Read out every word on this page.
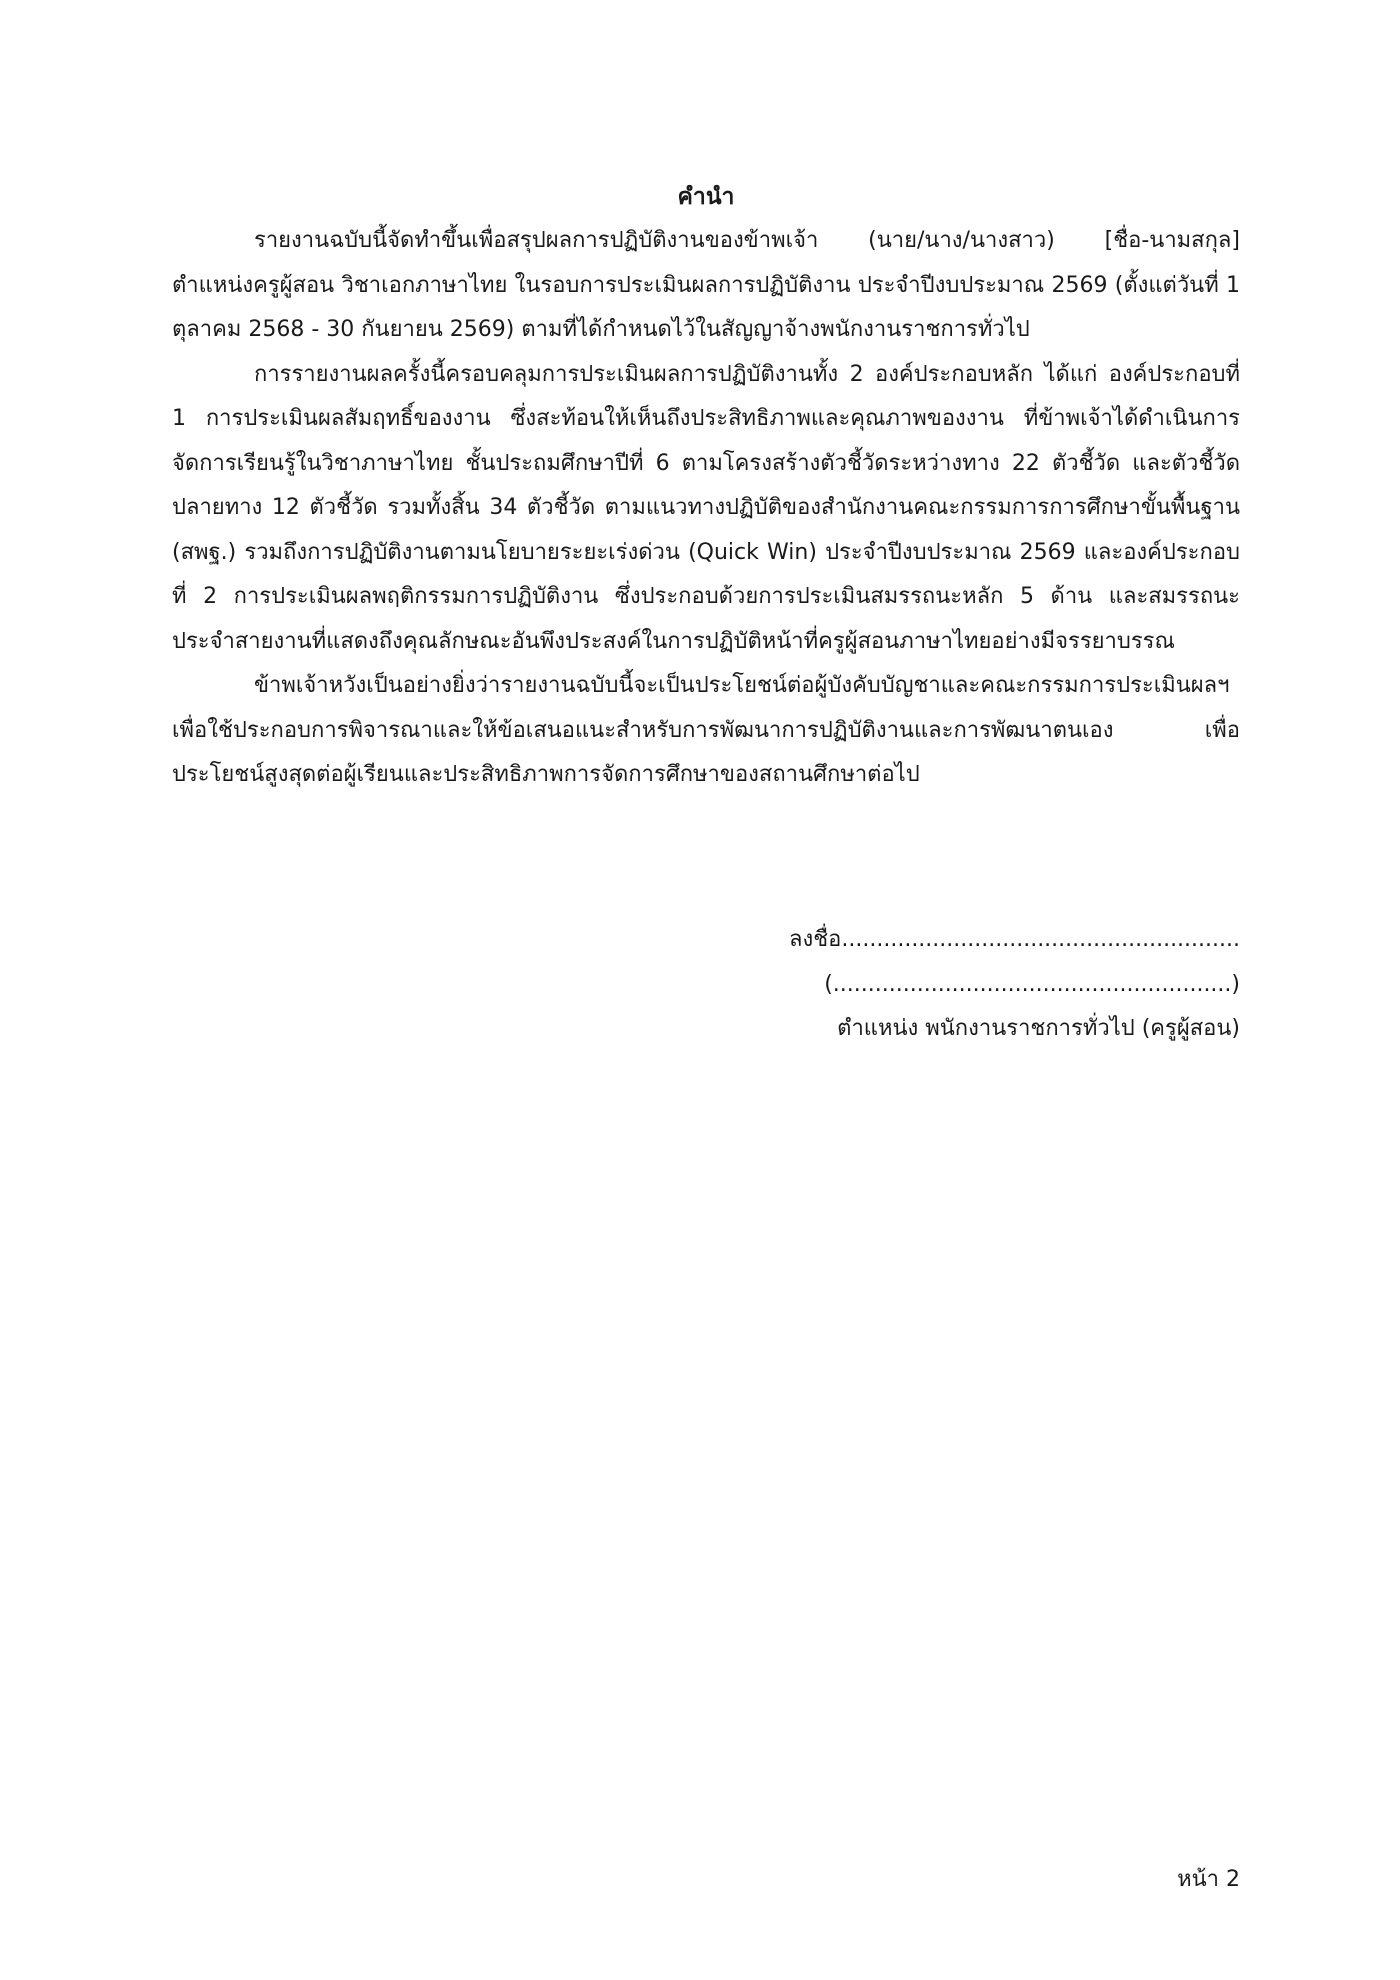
คำนำ

รายงานฉบับนี้จัดทำขึ้นเพื่อสรุปผลการปฏิบัติงานของข้าพเจ้า (นาย/นาง/นางสาว) [ชื่อ-นามสกุล] ตำแหน่งครูผู้สอน วิชาเอกภาษาไทย ในรอบการประเมินผลการปฏิบัติงาน ประจำปีงบประมาณ 2569 (ตั้งแต่วันที่ 1 ตุลาคม 2568 - 30 กันยายน 2569) ตามที่ได้กำหนดไว้ในสัญญาจ้างพนักงานราชการทั่วไป

การรายงานผลครั้งนี้ครอบคลุมการประเมินผลการปฏิบัติงานทั้ง 2 องค์ประกอบหลัก ได้แก่ องค์ประกอบที่ 1 การประเมินผลสัมฤทธิ์ของงาน ซึ่งสะท้อนให้เห็นถึงประสิทธิภาพและคุณภาพของงาน ที่ข้าพเจ้าได้ดำเนินการจัดการเรียนรู้ในวิชาภาษาไทย ชั้นประถมศึกษาปีที่ 6 ตามโครงสร้างตัวชี้วัดระหว่างทาง 22 ตัวชี้วัด และตัวชี้วัดปลายทาง 12 ตัวชี้วัด รวมทั้งสิ้น 34 ตัวชี้วัด ตามแนวทางปฏิบัติของสำนักงานคณะกรรมการการศึกษาขั้นพื้นฐาน (สพฐ.) รวมถึงการปฏิบัติงานตามนโยบายระยะเร่งด่วน (Quick Win) ประจำปีงบประมาณ 2569 และองค์ประกอบที่ 2 การประเมินผลพฤติกรรมการปฏิบัติงาน ซึ่งประกอบด้วยการประเมินสมรรถนะหลัก 5 ด้าน และสมรรถนะประจำสายงานที่แสดงถึงคุณลักษณะอันพึงประสงค์ในการปฏิบัติหน้าที่ครูผู้สอนภาษาไทยอย่างมีจรรยาบรรณ

ข้าพเจ้าหวังเป็นอย่างยิ่งว่ารายงานฉบับนี้จะเป็นประโยชน์ต่อผู้บังคับบัญชาและคณะกรรมการประเมินผลฯ เพื่อใช้ประกอบการพิจารณาและให้ข้อเสนอแนะสำหรับการพัฒนาการปฏิบัติงานและการพัฒนาตนเอง เพื่อประโยชน์สูงสุดต่อผู้เรียนและประสิทธิภาพการจัดการศึกษาของสถานศึกษาต่อไป

ลงชื่อ.........................................................

(.........................................................)

ตำแหน่ง พนักงานราชการทั่วไป (ครูผู้สอน)

หน้า 2
